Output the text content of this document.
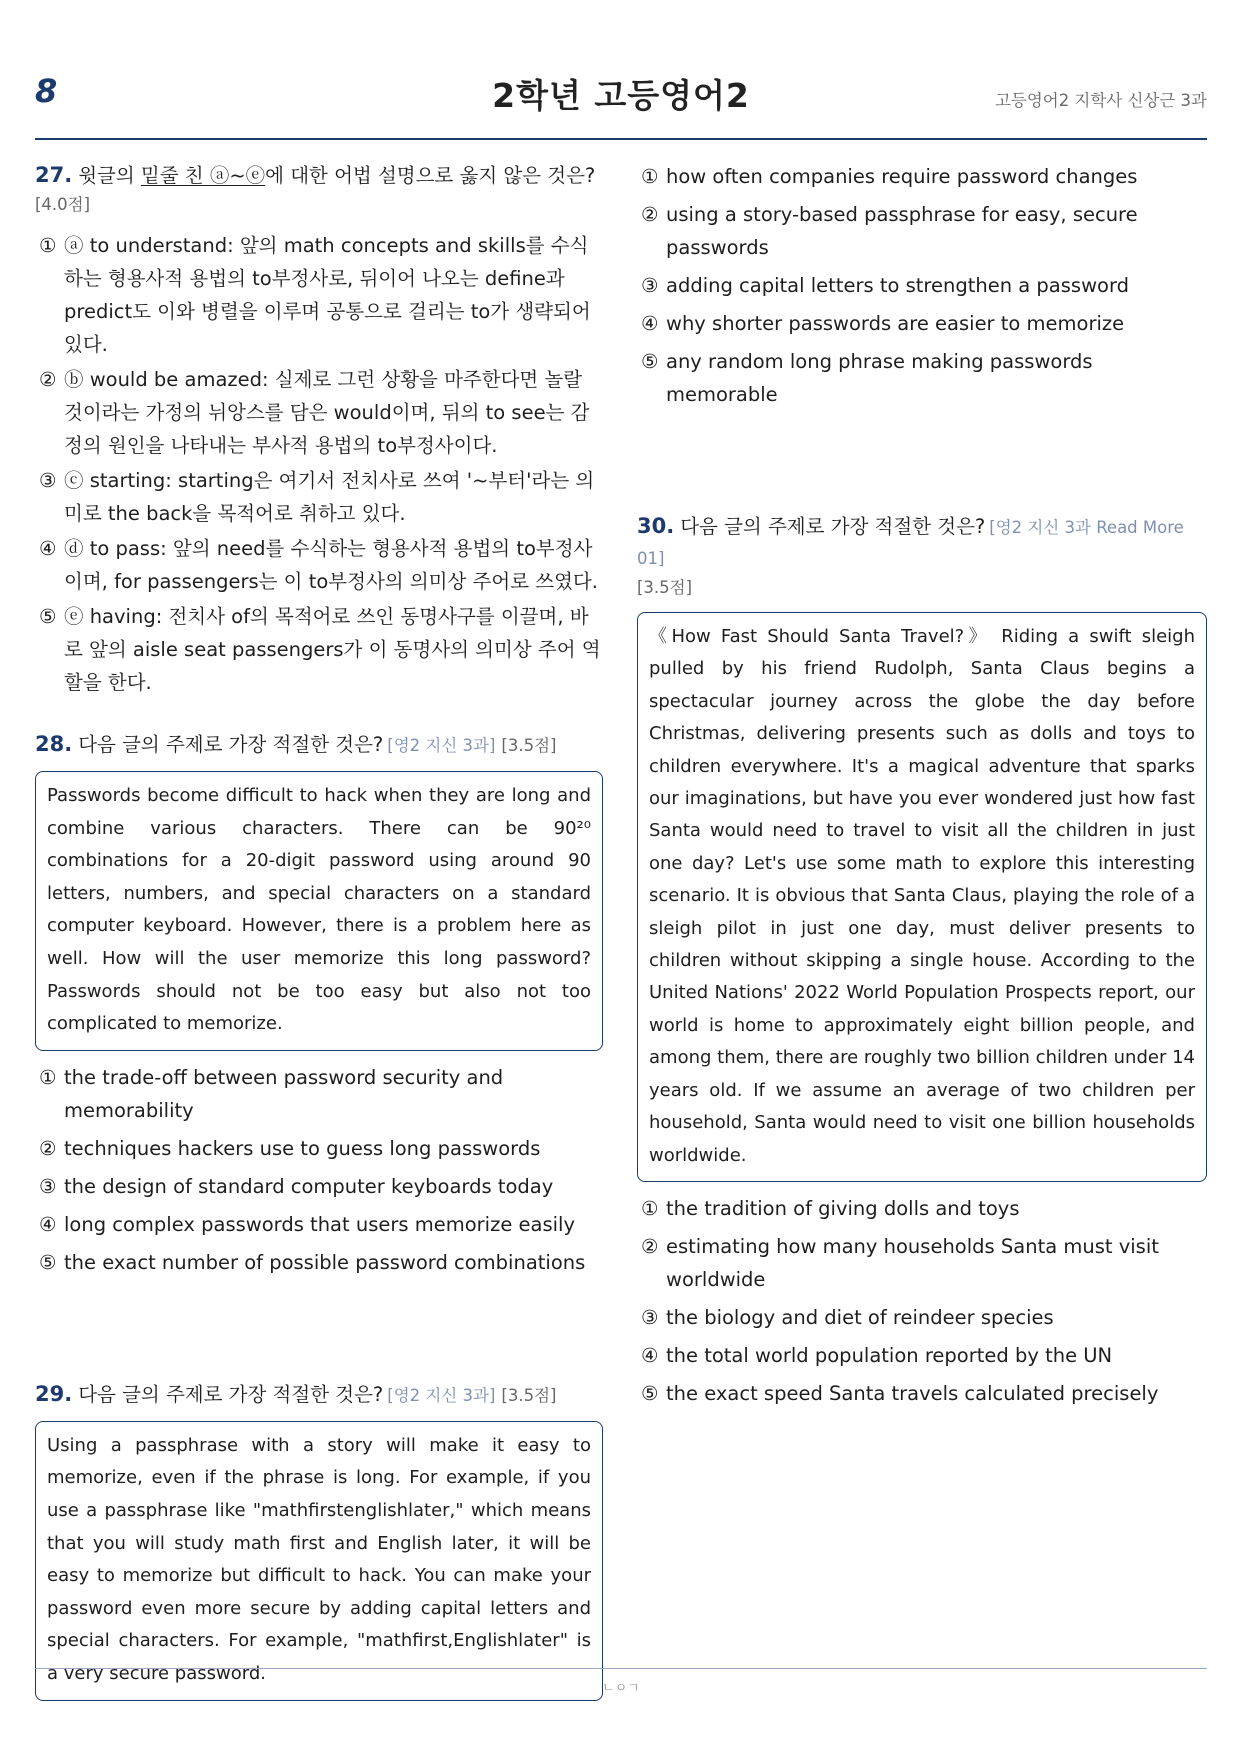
8	2학년 고등영어2	고등영어2 지학사 신상근 3과

27. 윗글의 밑줄 친 ⓐ~ⓔ에 대한 어법 설명으로 옳지 않은 것은?

[4.0점]
① ⓐ to understand: 앞의 math concepts and skills를 수식하는 형용사적 용법의 to부정사로, 뒤이어 나오는 define과 predict도 이와 병렬을 이루며 공통으로 걸리는 to가 생략되어 있다.
② ⓑ would be amazed: 실제로 그런 상황을 마주한다면 놀랄 것이라는 가정의 뉘앙스를 담은 would이며, 뒤의 to see는 감정의 원인을 나타내는 부사적 용법의 to부정사이다.
③ ⓒ starting: starting은 여기서 전치사로 쓰여 '~부터'라는 의미로 the back을 목적어로 취하고 있다.
④ ⓓ to pass: 앞의 need를 수식하는 형용사적 용법의 to부정사이며, for passengers는 이 to부정사의 의미상 주어로 쓰였다.
⑤ ⓔ having: 전치사 of의 목적어로 쓰인 동명사구를 이끌며, 바로 앞의 aisle seat passengers가 이 동명사의 의미상 주어 역할을 한다.

28. 다음 글의 주제로 가장 적절한 것은? [영2 지신 3과] [3.5점]

Passwords become difficult to hack when they are long and combine various characters. There can be 90²⁰ combinations for a 20-digit password using around 90 letters, numbers, and special characters on a standard computer keyboard. However, there is a problem here as well. How will the user memorize this long password? Passwords should not be too easy but also not too complicated to memorize.
① the trade-off between password security and memorability
② techniques hackers use to guess long passwords
③ the design of standard computer keyboards today
④ long complex passwords that users memorize easily
⑤ the exact number of possible password combinations

29. 다음 글의 주제로 가장 적절한 것은? [영2 지신 3과] [3.5점]

Using a passphrase with a story will make it easy to memorize, even if the phrase is long. For example, if you use a passphrase like "mathfirstenglishlater," which means that you will study math first and English later, it will be easy to memorize but difficult to hack. You can make your password even more secure by adding capital letters and special characters. For example, "mathfirst,Englishlater" is a very secure password.
① how often companies require password changes
② using a story-based passphrase for easy, secure passwords
③ adding capital letters to strengthen a password
④ why shorter passwords are easier to memorize
⑤ any random long phrase making passwords memorable

30. 다음 글의 주제로 가장 적절한 것은? [영2 지신 3과 Read More 01]

[3.5점]
《How Fast Should Santa Travel?》 Riding a swift sleigh pulled by his friend Rudolph, Santa Claus begins a spectacular journey across the globe the day before Christmas, delivering presents such as dolls and toys to children everywhere. It's a magical adventure that sparks our imaginations, but have you ever wondered just how fast Santa would need to travel to visit all the children in just one day? Let's use some math to explore this interesting scenario. It is obvious that Santa Claus, playing the role of a sleigh pilot in just one day, must deliver presents to children without skipping a single house. According to the United Nations' 2022 World Population Prospects report, our world is home to approximately eight billion people, and among them, there are roughly two billion children under 14 years old. If we assume an average of two children per household, Santa would need to visit one billion households worldwide.
① the tradition of giving dolls and toys
② estimating how many households Santa must visit worldwide
③ the biology and diet of reindeer species
④ the total world population reported by the UN
⑤ the exact speed Santa travels calculated precisely
ㄴㅇㄱ
